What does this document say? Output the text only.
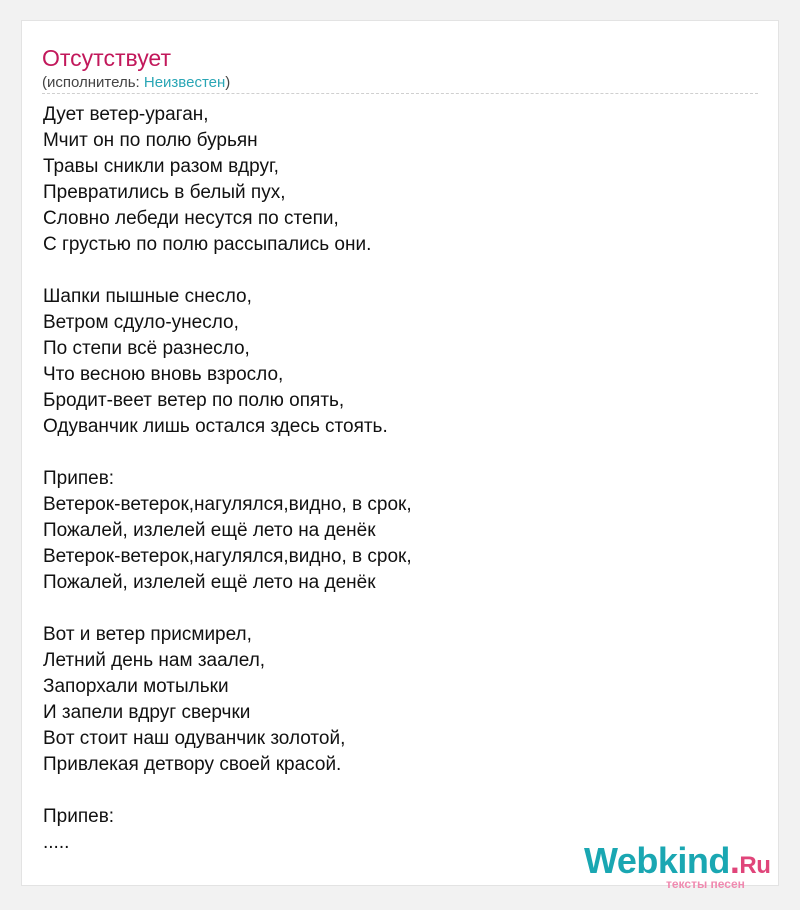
Отсутствует
(исполнитель: Неизвестен)
Дует ветер-ураган,
Мчит он по полю бурьян
Травы сникли разом вдруг,
Превратились в белый пух,
Словно лебеди несутся по степи,
С грустью по полю рассыпались они.
Шапки пышные снесло,
Ветром сдуло-унесло,
По степи всё разнесло,
Что весною вновь взросло,
Бродит-веет ветер по полю опять,
Одуванчик лишь остался здесь стоять.
Припев:
Ветерок-ветерок,нагулялся,видно, в срок,
Пожалей, излелей ещё лето на денёк
Ветерок-ветерок,нагулялся,видно, в срок,
Пожалей, излелей ещё лето на денёк
Вот и ветер присмирел,
Летний день нам заалел,
Запорхали мотыльки
И запели вдруг сверчки
Вот стоит наш одуванчик золотой,
Привлекая детвору своей красой.
Припев:
.....	Webkind.Ru
тексты песен
